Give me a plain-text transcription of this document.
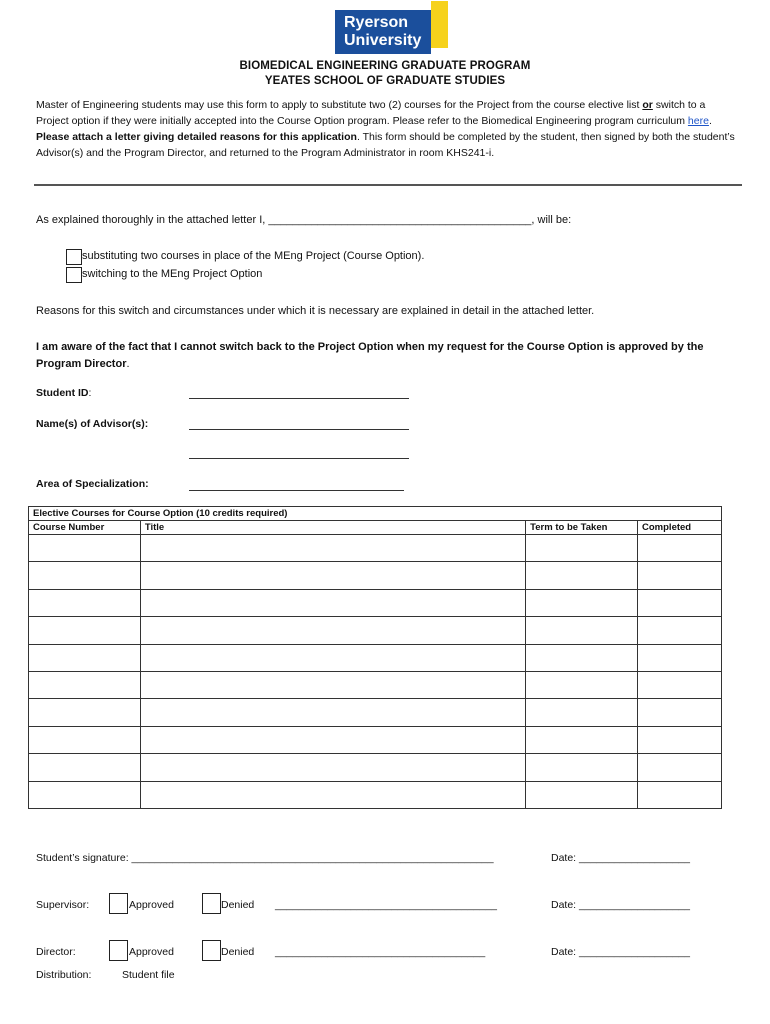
Ryerson
University
BIOMEDICAL ENGINEERING GRADUATE PROGRAM
YEATES SCHOOL OF GRADUATE STUDIES
Master of Engineering students may use this form to apply to substitute two (2) courses for the Project from the course elective list or switch to a Project option if they were initially accepted into the Course Option program. Please refer to the Biomedical Engineering program curriculum here. Please attach a letter giving detailed reasons for this application. This form should be completed by the student, then signed by both the student’s Advisor(s) and the Program Director, and returned to the Program Administrator in room KHS241-i.
As explained thoroughly in the attached letter I, ___________________________________________, will be:
substituting two courses in place of the MEng Project (Course Option).
switching to the MEng Project Option
Reasons for this switch and circumstances under which it is necessary are explained in detail in the attached letter.
I am aware of the fact that I cannot switch back to the Project Option when my request for the Course Option is approved by the Program Director.
Student ID:
Name(s) of Advisor(s):
Area of Specialization:
Elective Courses for Course Option (10 credits required)			
Course Number	Title	Term to be Taken	Completed

Student’s signature: ______________________________________________________________	Date: ___________________
Supervisor:	Approved	Denied ______________________________________	Date: ___________________
Director:	Approved	Denied ____________________________________	Date: ___________________
Distribution:	Student file
